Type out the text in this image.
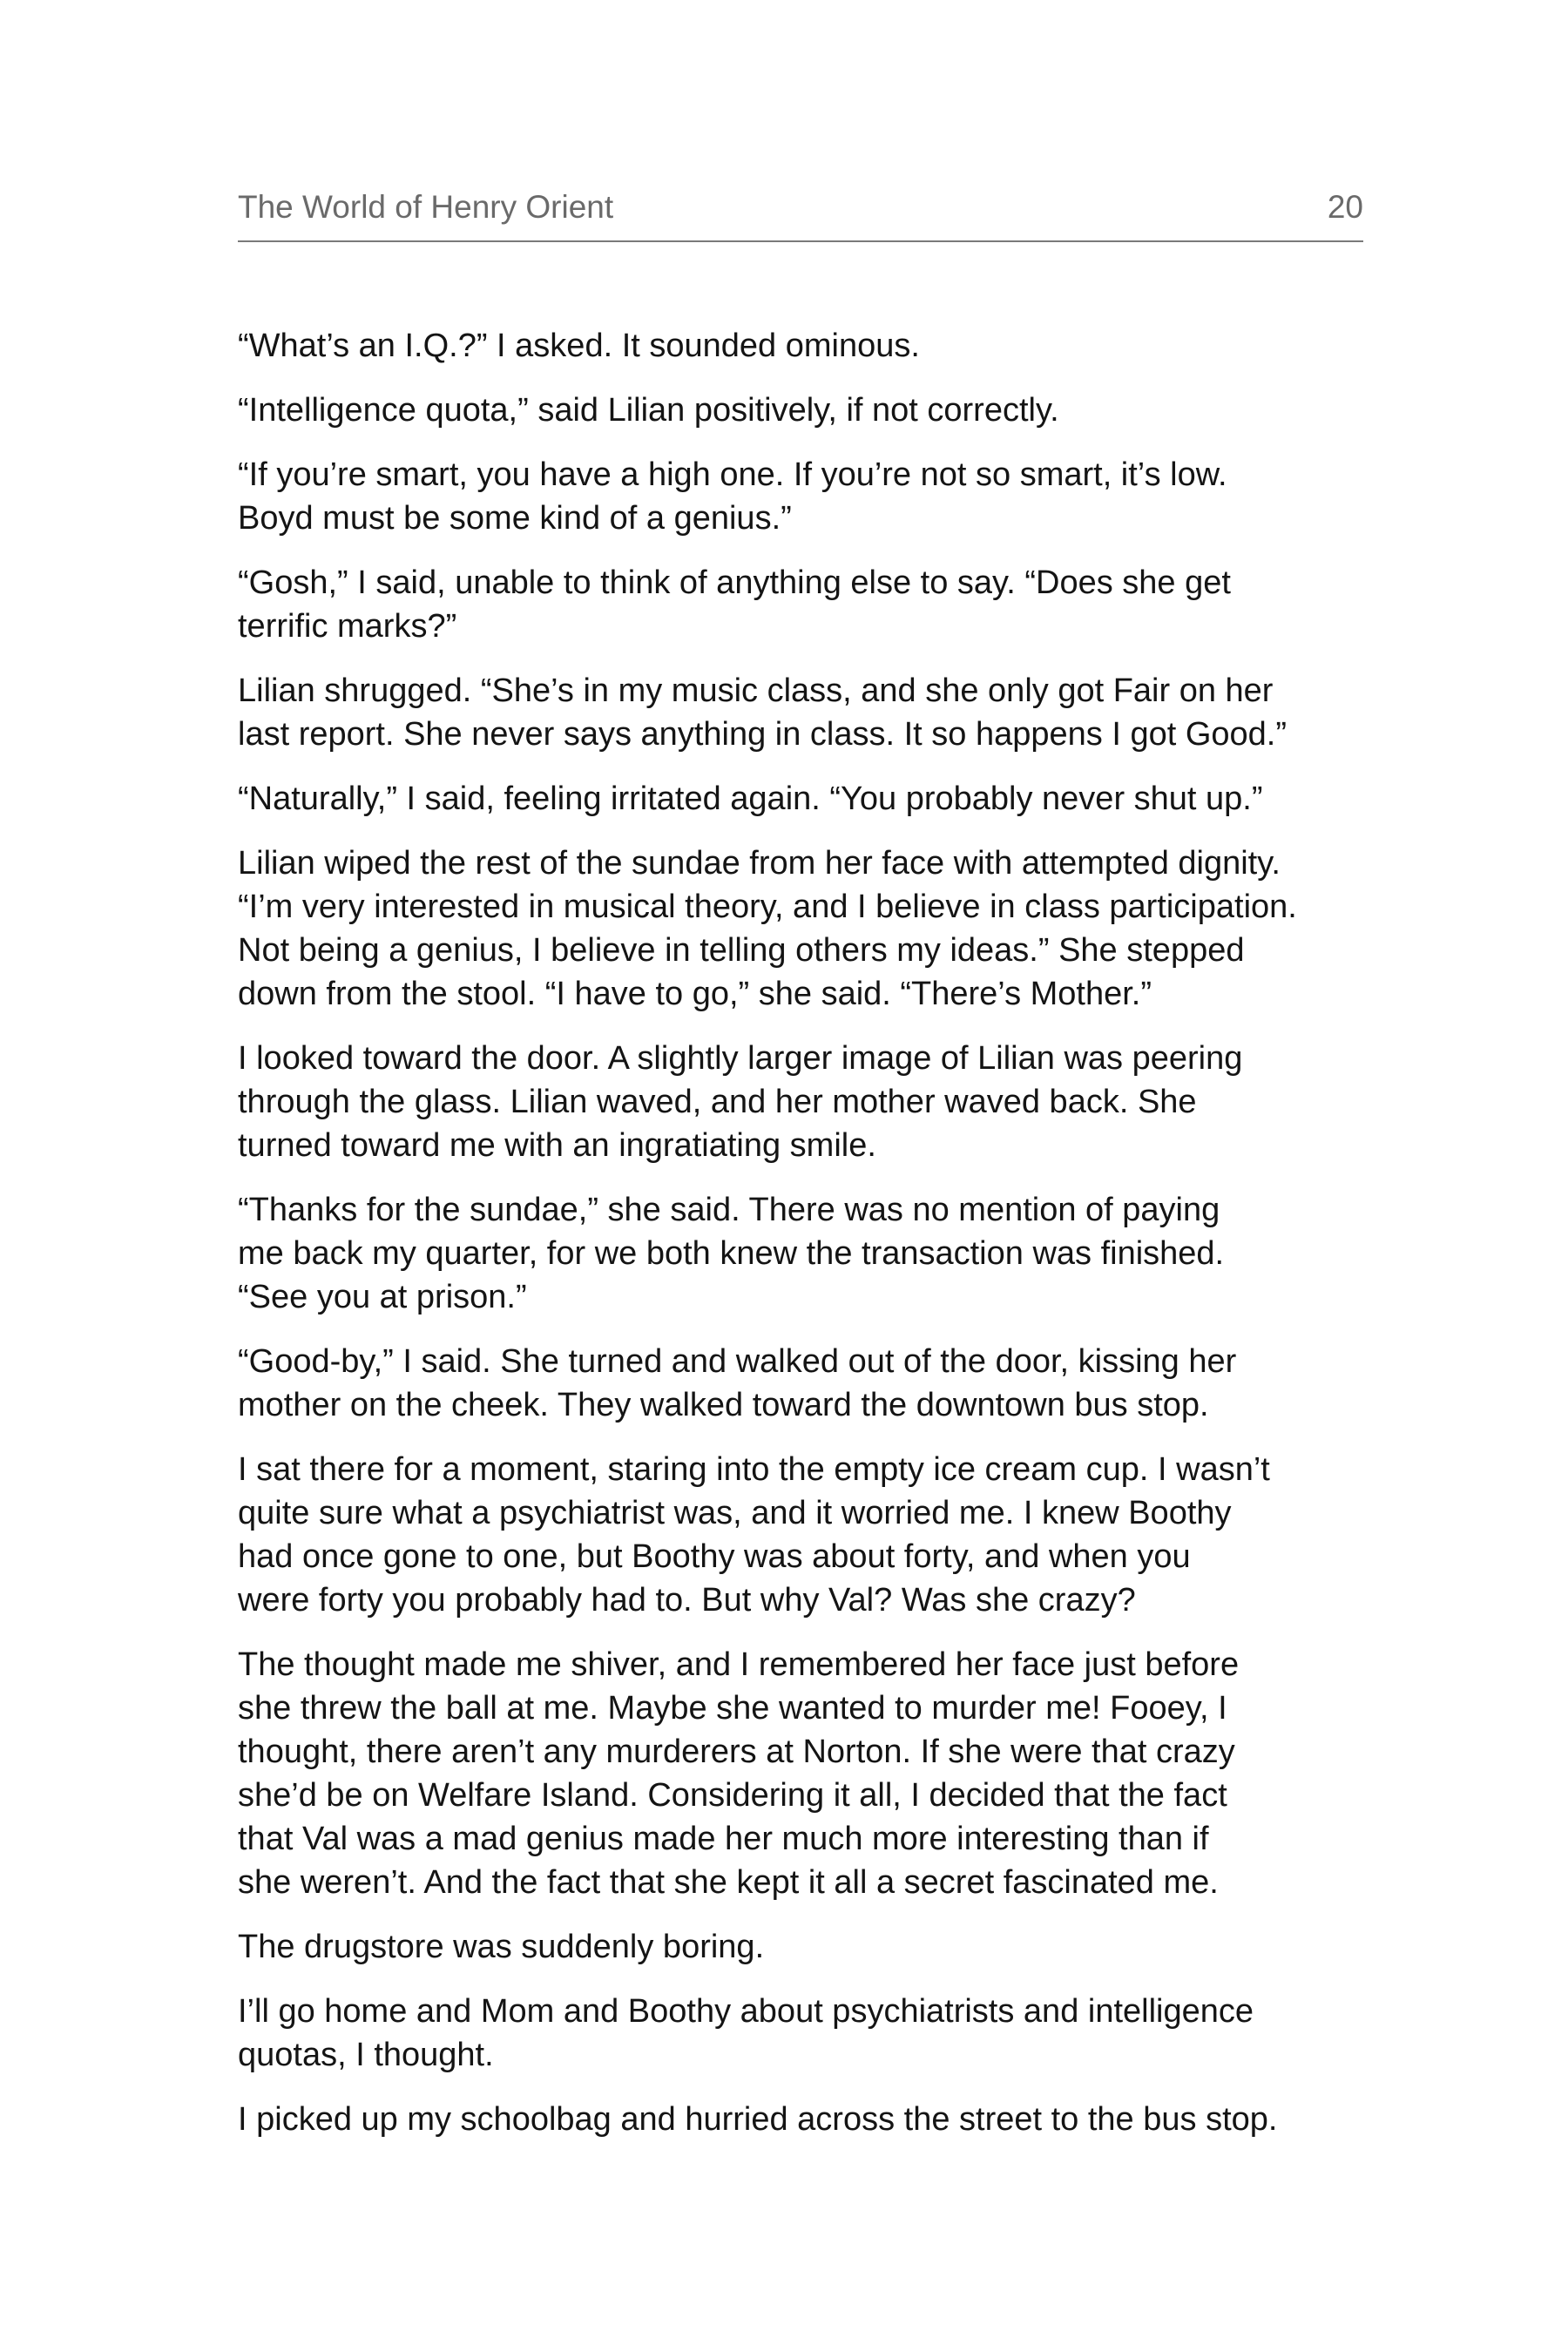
The World of Henry Orient	20

“What’s an I.Q.?” I asked. It sounded ominous.

“Intelligence quota,” said Lilian positively, if not correctly.

“If you’re smart, you have a high one. If you’re not so smart, it’s low.
Boyd must be some kind of a genius.”

“Gosh,” I said, unable to think of anything else to say. “Does she get
terrific marks?”

Lilian shrugged. “She’s in my music class, and she only got Fair on her
last report. She never says anything in class. It so happens I got Good.”

“Naturally,” I said, feeling irritated again. “You probably never shut up.”

Lilian wiped the rest of the sundae from her face with attempted dignity.
“I’m very interested in musical theory, and I believe in class participation.
Not being a genius, I believe in telling others my ideas.” She stepped
down from the stool. “I have to go,” she said. “There’s Mother.”

I looked toward the door. A slightly larger image of Lilian was peering
through the glass. Lilian waved, and her mother waved back. She
turned toward me with an ingratiating smile.

“Thanks for the sundae,” she said. There was no mention of paying
me back my quarter, for we both knew the transaction was finished.
“See you at prison.”

“Good-by,” I said. She turned and walked out of the door, kissing her
mother on the cheek. They walked toward the downtown bus stop.

I sat there for a moment, staring into the empty ice cream cup. I wasn’t
quite sure what a psychiatrist was, and it worried me. I knew Boothy
had once gone to one, but Boothy was about forty, and when you
were forty you probably had to. But why Val? Was she crazy?

The thought made me shiver, and I remembered her face just before
she threw the ball at me. Maybe she wanted to murder me! Fooey, I
thought, there aren’t any murderers at Norton. If she were that crazy
she’d be on Welfare Island. Considering it all, I decided that the fact
that Val was a mad genius made her much more interesting than if
she weren’t. And the fact that she kept it all a secret fascinated me.

The drugstore was suddenly boring.

I’ll go home and Mom and Boothy about psychiatrists and intelligence
quotas, I thought.

I picked up my schoolbag and hurried across the street to the bus stop.
